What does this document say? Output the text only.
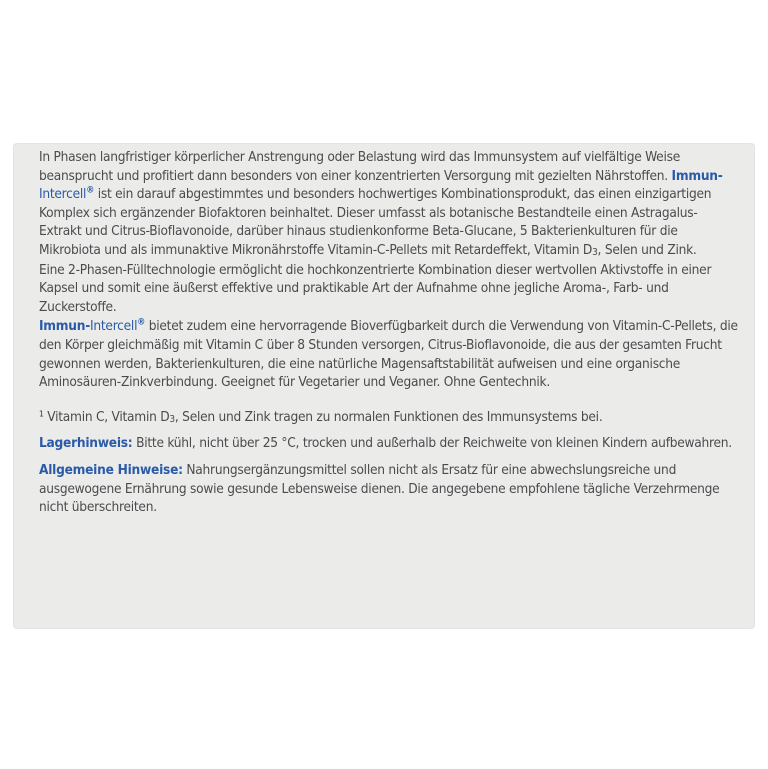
In Phasen langfristiger körperlicher Anstrengung oder Belastung wird das Immunsystem auf vielfältige Weise beansprucht und profitiert dann besonders von einer konzentrierten Versorgung mit gezielten Nährstoffen. Immun-Intercell® ist ein darauf abgestimmtes und besonders hochwertiges Kombinationsprodukt, das einen einzigartigen Komplex sich ergänzender Biofaktoren beinhaltet. Dieser umfasst als botanische Bestandteile einen Astragalus-Extrakt und Citrus-Bioflavonoide, darüber hinaus studienkonforme Beta-Glucane, 5 Bakterienkulturen für die Mikrobiota und als immunaktive Mikronährstoffe Vitamin-C-Pellets mit Retardeffekt, Vitamin $D_3$, Selen und Zink.

Eine 2-Phasen-Fülltechnologie ermöglicht die hochkonzentrierte Kombination dieser wertvollen Aktivstoffe in einer Kapsel und somit eine äußerst effektive und praktikable Art der Aufnahme ohne jegliche Aroma-, Farb- und Zuckerstoffe.

Immun-Intercell® bietet zudem eine hervorragende Bioverfügbarkeit durch die Verwendung von Vitamin-C-Pellets, die den Körper gleichmäßig mit Vitamin C über 8 Stunden versorgen, Citrus-Bioflavonoide, die aus der gesamten Frucht gewonnen werden, Bakterienkulturen, die eine natürliche Magensaftstabilität aufweisen und eine organische Aminosäuren-Zinkverbindung. Geeignet für Vegetarier und Veganer. Ohne Gentechnik.

¹ Vitamin C, Vitamin $D_3$, Selen und Zink tragen zu normalen Funktionen des Immunsystems bei.

Lagerhinweis: Bitte kühl, nicht über 25 °C, trocken und außerhalb der Reichweite von kleinen Kindern aufbewahren.

Allgemeine Hinweise: Nahrungsergänzungsmittel sollen nicht als Ersatz für eine abwechslungsreiche und ausgewogene Ernährung sowie gesunde Lebensweise dienen. Die angegebene empfohlene tägliche Verzehrmenge nicht überschreiten.
